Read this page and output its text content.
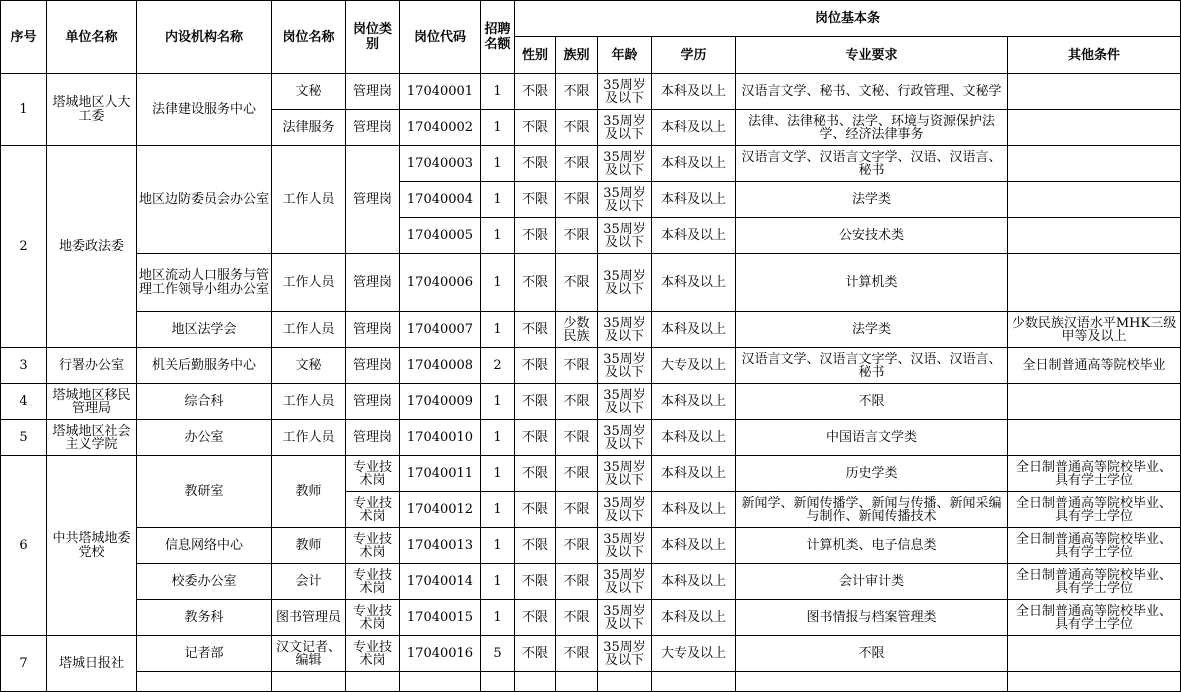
序号	单位名称	内设机构名称	岗位名称	岗位类别	岗位代码	招聘名额	岗位基本条					
							性别	族别	年龄	学历	专业要求	其他条件
1	塔城地区人大工委	法律建设服务中心	文秘	管理岗	17040001	1	不限	不限	35周岁及以下	本科及以上	汉语言文学、秘书、文秘、行政管理、文秘学	
			法律服务	管理岗	17040002	1	不限	不限	35周岁及以下	本科及以上	法律、法律秘书、法学、环境与资源保护法学、经济法律事务	
2	地委政法委	地区边防委员会办公室	工作人员	管理岗	17040003	1	不限	不限	35周岁及以下	本科及以上	汉语言文学、汉语言文字学、汉语、汉语言、秘书	
					17040004	1	不限	不限	35周岁及以下	本科及以上	法学类	
					17040005	1	不限	不限	35周岁及以下	本科及以上	公安技术类	
		地区流动人口服务与管理工作领导小组办公室	工作人员	管理岗	17040006	1	不限	不限	35周岁及以下	本科及以上	计算机类	
		地区法学会	工作人员	管理岗	17040007	1	不限	少数民族	35周岁及以下	本科及以上	法学类	少数民族汉语水平MHK三级甲等及以上
3	行署办公室	机关后勤服务中心	文秘	管理岗	17040008	2	不限	不限	35周岁及以下	大专及以上	汉语言文学、汉语言文字学、汉语、汉语言、秘书	全日制普通高等院校毕业
4	塔城地区移民管理局	综合科	工作人员	管理岗	17040009	1	不限	不限	35周岁及以下	本科及以上	不限	
5	塔城地区社会主义学院	办公室	工作人员	管理岗	17040010	1	不限	不限	35周岁及以下	本科及以上	中国语言文学类	
6	中共塔城地委党校	教研室	教师	专业技术岗	17040011	1	不限	不限	35周岁及以下	本科及以上	历史学类	全日制普通高等院校毕业、具有学士学位
				专业技术岗	17040012	1	不限	不限	35周岁及以下	本科及以上	新闻学、新闻传播学、新闻与传播、新闻采编与制作、新闻传播技术	全日制普通高等院校毕业、具有学士学位
		信息网络中心	教师	专业技术岗	17040013	1	不限	不限	35周岁及以下	本科及以上	计算机类、电子信息类	全日制普通高等院校毕业、具有学士学位
		校委办公室	会计	专业技术岗	17040014	1	不限	不限	35周岁及以下	本科及以上	会计审计类	全日制普通高等院校毕业、具有学士学位
		教务科	图书管理员	专业技术岗	17040015	1	不限	不限	35周岁及以下	本科及以上	图书情报与档案管理类	全日制普通高等院校毕业、具有学士学位
7	塔城日报社	记者部	汉文记者、编辑	专业技术岗	17040016	5	不限	不限	35周岁及以下	大专及以上	不限	
